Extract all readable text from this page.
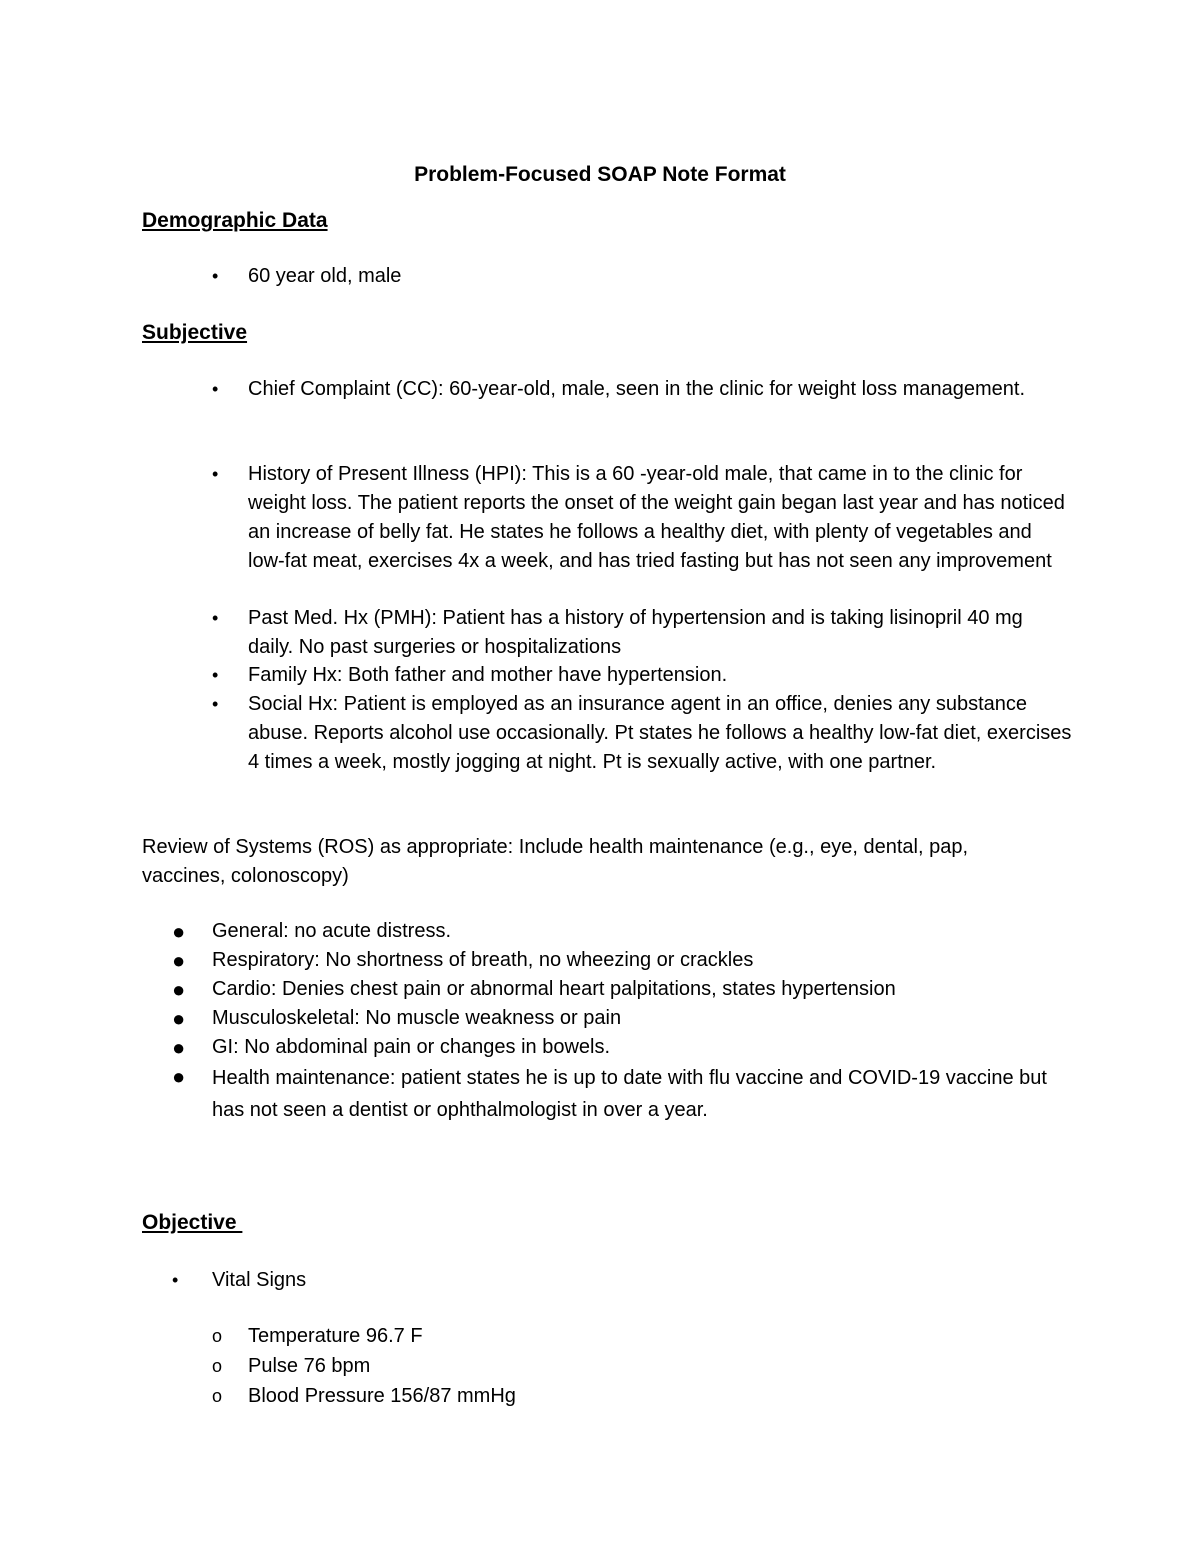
Problem-Focused SOAP Note Format
Demographic Data
• 60 year old, male
Subjective
• Chief Complaint (CC): 60-year-old, male, seen in the clinic for weight loss management.
• History of Present Illness (HPI): This is a 60 -year-old male, that came in to the clinic for weight loss. The patient reports the onset of the weight gain began last year and has noticed an increase of belly fat. He states he follows a healthy diet, with plenty of vegetables and low-fat meat, exercises 4x a week, and has tried fasting but has not seen any improvement
• Past Med. Hx (PMH): Patient has a history of hypertension and is taking lisinopril 40 mg daily. No past surgeries or hospitalizations
• Family Hx: Both father and mother have hypertension.
• Social Hx: Patient is employed as an insurance agent in an office, denies any substance abuse. Reports alcohol use occasionally. Pt states he follows a healthy low-fat diet, exercises 4 times a week, mostly jogging at night. Pt is sexually active, with one partner.
Review of Systems (ROS) as appropriate: Include health maintenance (e.g., eye, dental, pap, vaccines, colonoscopy)
● General: no acute distress.
● Respiratory: No shortness of breath, no wheezing or crackles
● Cardio: Denies chest pain or abnormal heart palpitations, states hypertension
● Musculoskeletal: No muscle weakness or pain
● GI: No abdominal pain or changes in bowels.
● Health maintenance: patient states he is up to date with flu vaccine and COVID-19 vaccine but has not seen a dentist or ophthalmologist in over a year.
Objective
• Vital Signs
o Temperature 96.7 F
o Pulse 76 bpm
o Blood Pressure 156/87 mmHg
